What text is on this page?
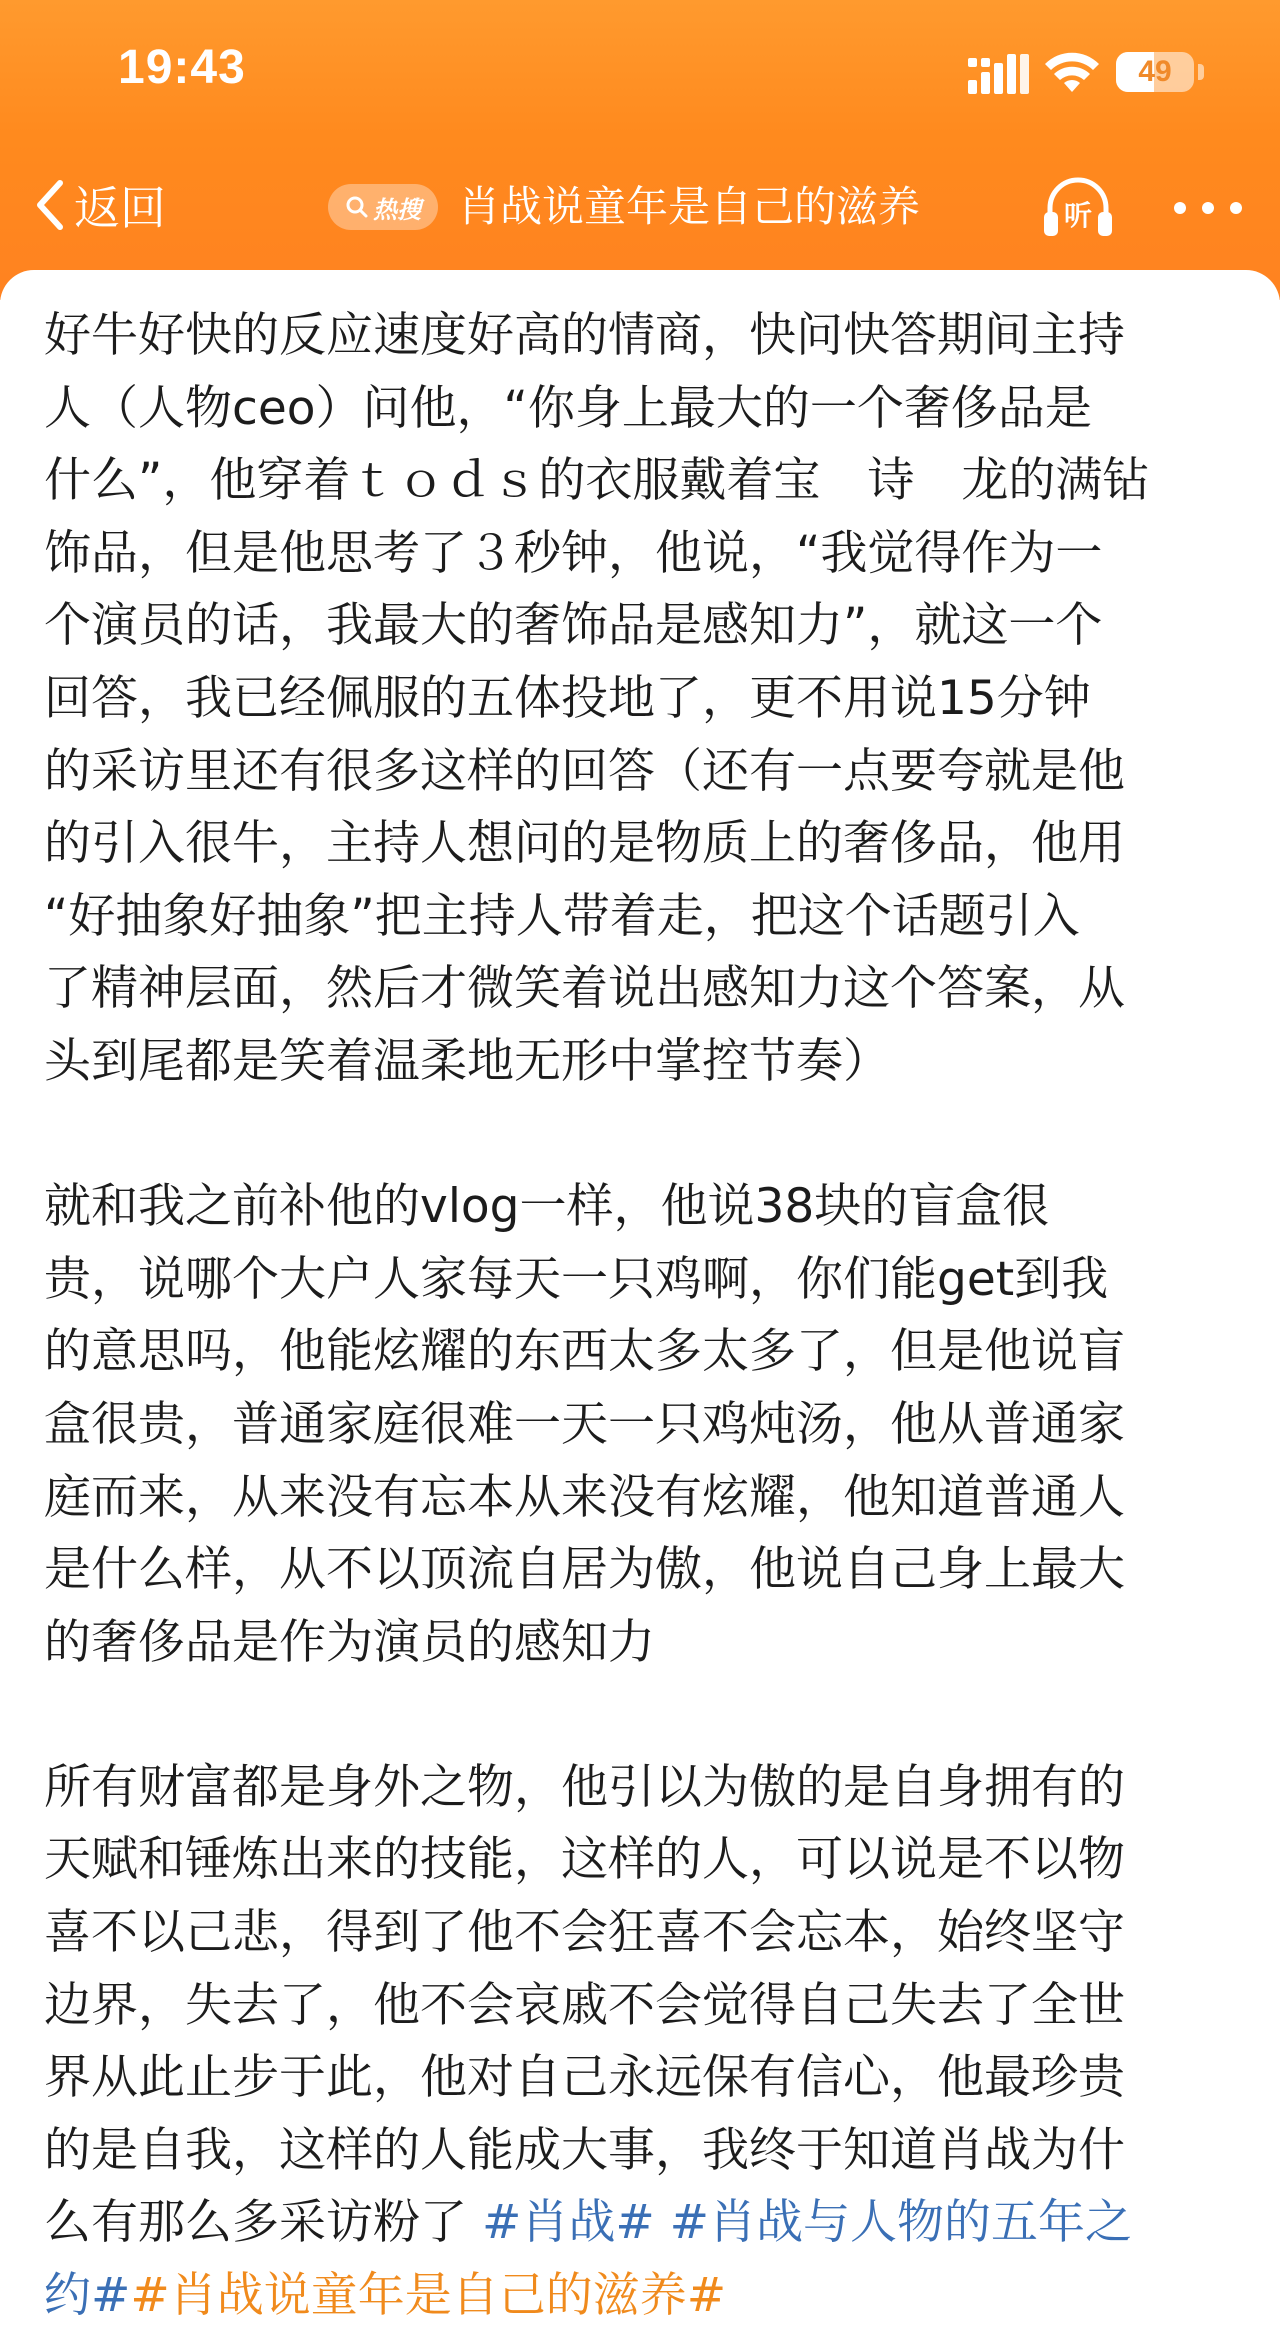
19:43	49
返回	热搜 肖战说童年是自己的滋养	听
好牛好快的反应速度好高的情商，快问快答期间主持
人（人物ceo）问他，“你身上最大的一个奢侈品是
什么”，他穿着ｔｏｄｓ的衣服戴着宝　诗　龙的满钻
饰品，但是他思考了３秒钟，他说，“我觉得作为一
个演员的话，我最大的奢饰品是感知力”，就这一个
回答，我已经佩服的五体投地了，更不用说15分钟
的采访里还有很多这样的回答（还有一点要夸就是他
的引入很牛，主持人想问的是物质上的奢侈品，他用
“好抽象好抽象”把主持人带着走，把这个话题引入
了精神层面，然后才微笑着说出感知力这个答案，从
头到尾都是笑着温柔地无形中掌控节奏）
就和我之前补他的vlog一样，他说38块的盲盒很
贵，说哪个大户人家每天一只鸡啊，你们能get到我
的意思吗，他能炫耀的东西太多太多了，但是他说盲
盒很贵，普通家庭很难一天一只鸡炖汤，他从普通家
庭而来，从来没有忘本从来没有炫耀，他知道普通人
是什么样，从不以顶流自居为傲，他说自己身上最大
的奢侈品是作为演员的感知力
所有财富都是身外之物，他引以为傲的是自身拥有的
天赋和锤炼出来的技能，这样的人，可以说是不以物
喜不以己悲，得到了他不会狂喜不会忘本，始终坚守
边界，失去了，他不会哀戚不会觉得自己失去了全世
界从此止步于此，他对自己永远保有信心，他最珍贵
的是自我，这样的人能成大事，我终于知道肖战为什
么有那么多采访粉了 #肖战# #肖战与人物的五年之
约##肖战说童年是自己的滋养#
